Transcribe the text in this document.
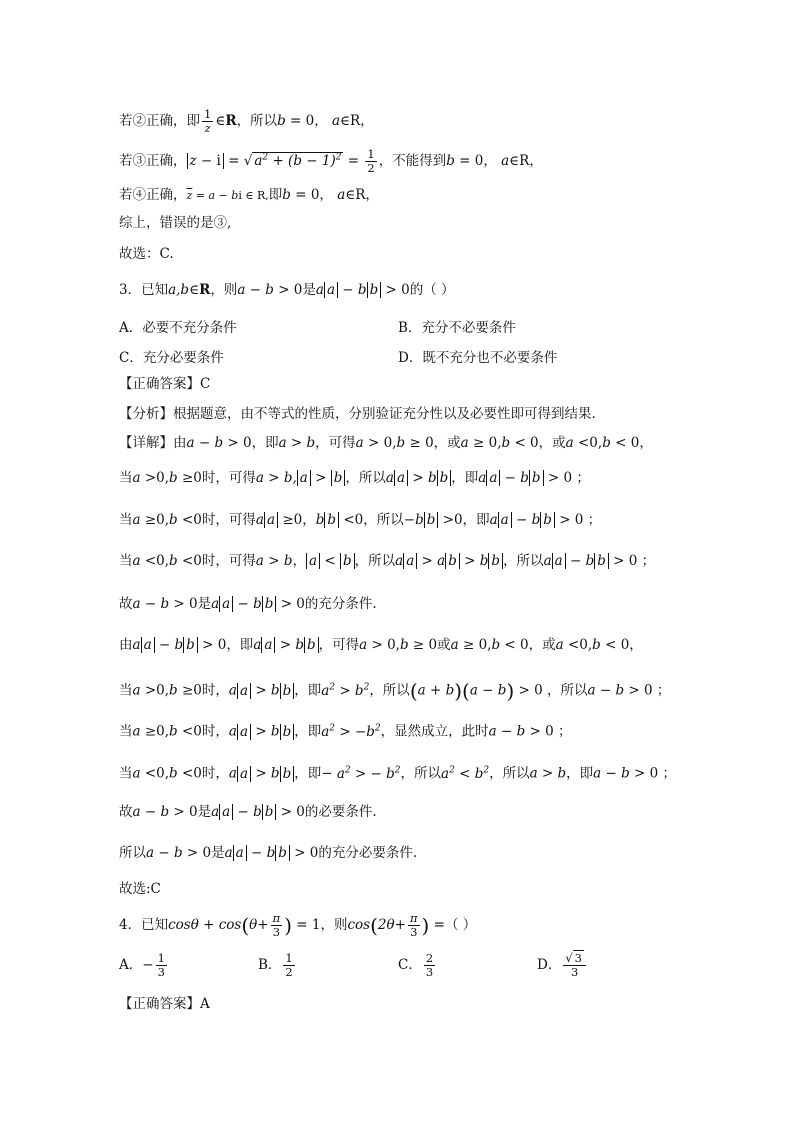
若②正确，即 $\frac{1}{z}$ ∈R，所以b = 0， a∈R，
若③正确， z − i = √ $a^2 + (b - 1)^2 = \frac{1}{2}$ ，不能得到b = 0， a∈R，
若④正确，$\overline{z} = a$ − bi ∈ R,即b = 0， a∈R，
综上，错误的是③,
故选：C.
3．已知a,b∈R，则a − b > 0是a a − b b > 0的（ ）
A．必要不充分条件	B．充分不必要条件
C．充分必要条件	D．既不充分也不必要条件
【正确答案】C
【分析】根据题意，由不等式的性质，分别验证充分性以及必要性即可得到结果.
【详解】由a − b > 0，即a > b，可得a > 0,b ≥ 0，或a ≥ 0,b < 0，或a <0,b < 0，
当a >0,b ≥0时，可得a > b, a > b ，所以a a > b b ，即a a − b b > 0 ；
当a ≥0,b <0时，可得a a ≥0，b b <0，所以−b b >0，即a a − b b > 0 ；
当a <0,b <0时，可得a > b， a < b ，所以a a > a b > b b ，所以a a − b b > 0 ；
故a − b > 0是a a − b b > 0的充分条件.
由a a − b b > 0，即a a > b b ，可得a > 0,b ≥ 0或a ≥ 0,b < 0，或a <0,b < 0，
当a >0,b ≥0时，a a > b b ，即$a^2 > b^2$，所以(a + b)(a − b) > 0 ，所以a − b > 0 ；
当a ≥0,b <0时，a a > b b ，即$a^2 > -b^2$，显然成立，此时a − b > 0 ；
当a <0,b <0时，a a > b b ，即− $a^2$ > − $b^2$，所以$a^2 < b^2$，所以a > b，即a − b > 0 ；
故a − b > 0是a a − b b > 0的必要条件.
所以a − b > 0是a a − b b > 0的充分必要条件.
故选:C
4．已知$\cos\theta + \cos(\theta+ \frac{\pi}{3}$ ) = 1，则$\cos(2\theta+ \frac{\pi}{3}$ ) =（ ）
A．− $\frac{1}{3}$	B． $\frac{1}{2}$	C． $\frac{2}{3}$	D． $\frac{√ 3}{3}$
【正确答案】A
